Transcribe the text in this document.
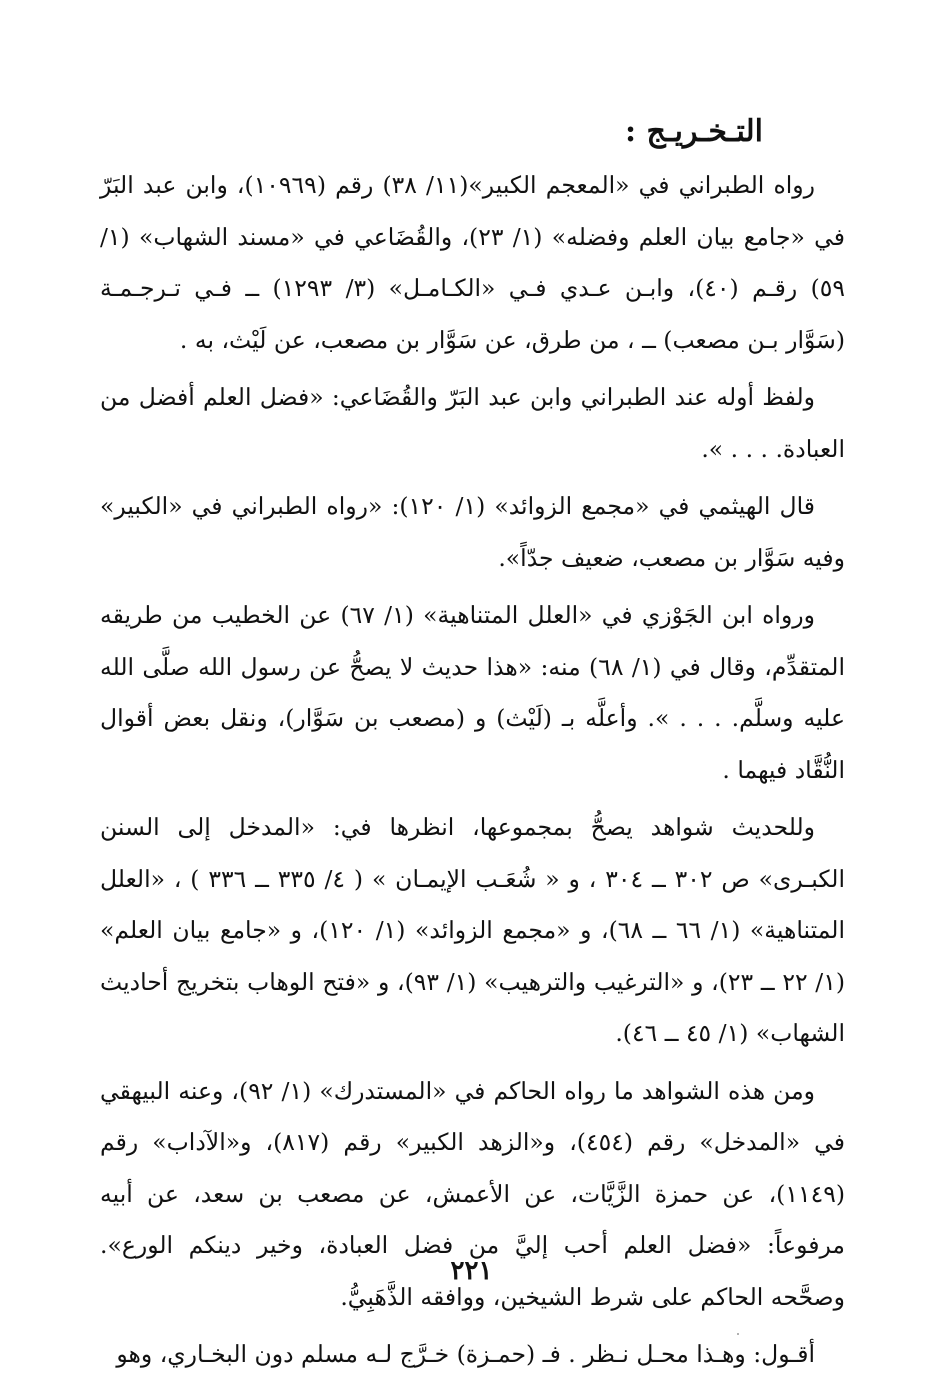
التـخـريـج :

رواه الطبراني في «المعجم الكبير»(١١/ ٣٨) رقم (١٠٩٦٩)، وابن عبد البَرّ في «جامع بيان العلم وفضله» (١/ ٢٣)، والقُضَاعي في «مسند الشهاب» (١/ ٥٩) رقـم (٤٠)، وابـن عـدي فـي «الكـامـل» (٣/ ١٢٩٣) ــ فـي تـرجـمـة (سَوَّار بـن مصعب) ــ ، من طرق، عن سَوَّار بن مصعب، عن لَيْث، به .

ولفظ أوله عند الطبراني وابن عبد البَرّ والقُضَاعي: «فضل العلم أفضل من العبادة. . . . ».

قال الهيثمي في «مجمع الزوائد» (١/ ١٢٠): «رواه الطبراني في «الكبير» وفيه سَوَّار بن مصعب، ضعيف جدّاً».

ورواه ابن الجَوْزي في «العلل المتناهية» (١/ ٦٧) عن الخطيب من طريقه المتقدِّم، وقال في (١/ ٦٨) منه: «هذا حديث لا يصحُّ عن رسول الله صلَّى الله عليه وسلَّم. . . . ». وأعلَّه بـ (لَيْث) و (مصعب بن سَوَّار)، ونقل بعض أقوال النُّقَّاد فيهما .

وللحديث شواهد يصحُّ بمجموعها، انظرها في: «المدخل إلى السنن الكبـرى» ص ٣٠٢ ــ ٣٠٤ ، و « شُعَـب الإيمـان » ( ٤/ ٣٣٥ ــ ٣٣٦ ) ، «العلل المتناهية» (١/ ٦٦ ــ ٦٨)، و «مجمع الزوائد» (١/ ١٢٠)، و «جامع بيان العلم» (١/ ٢٢ ــ ٢٣)، و «الترغيب والترهيب» (١/ ٩٣)، و «فتح الوهاب بتخريج أحاديث الشهاب» (١/ ٤٥ ــ ٤٦).

ومن هذه الشواهد ما رواه الحاكم في «المستدرك» (١/ ٩٢)، وعنه البيهقي في «المدخل» رقم (٤٥٤)، و«الزهد الكبير» رقم (٨١٧)، و«الآداب» رقم (١١٤٩)، عن حمزة الزَّيَّات، عن الأعمش، عن مصعب بن سعد، عن أبيه مرفوعاً: «فضل العلم أحب إليَّ من فضل العبادة، وخير دينكم الورع». وصحَّحه الحاكم على شرط الشيخين، ووافقه الذَّهَبِيُّ.

أقـول: وهـذا محـل نـظر . فـ (حمـزة) خـرَّج لـه مسلم دون البخـاري، وهو

٢٢١
